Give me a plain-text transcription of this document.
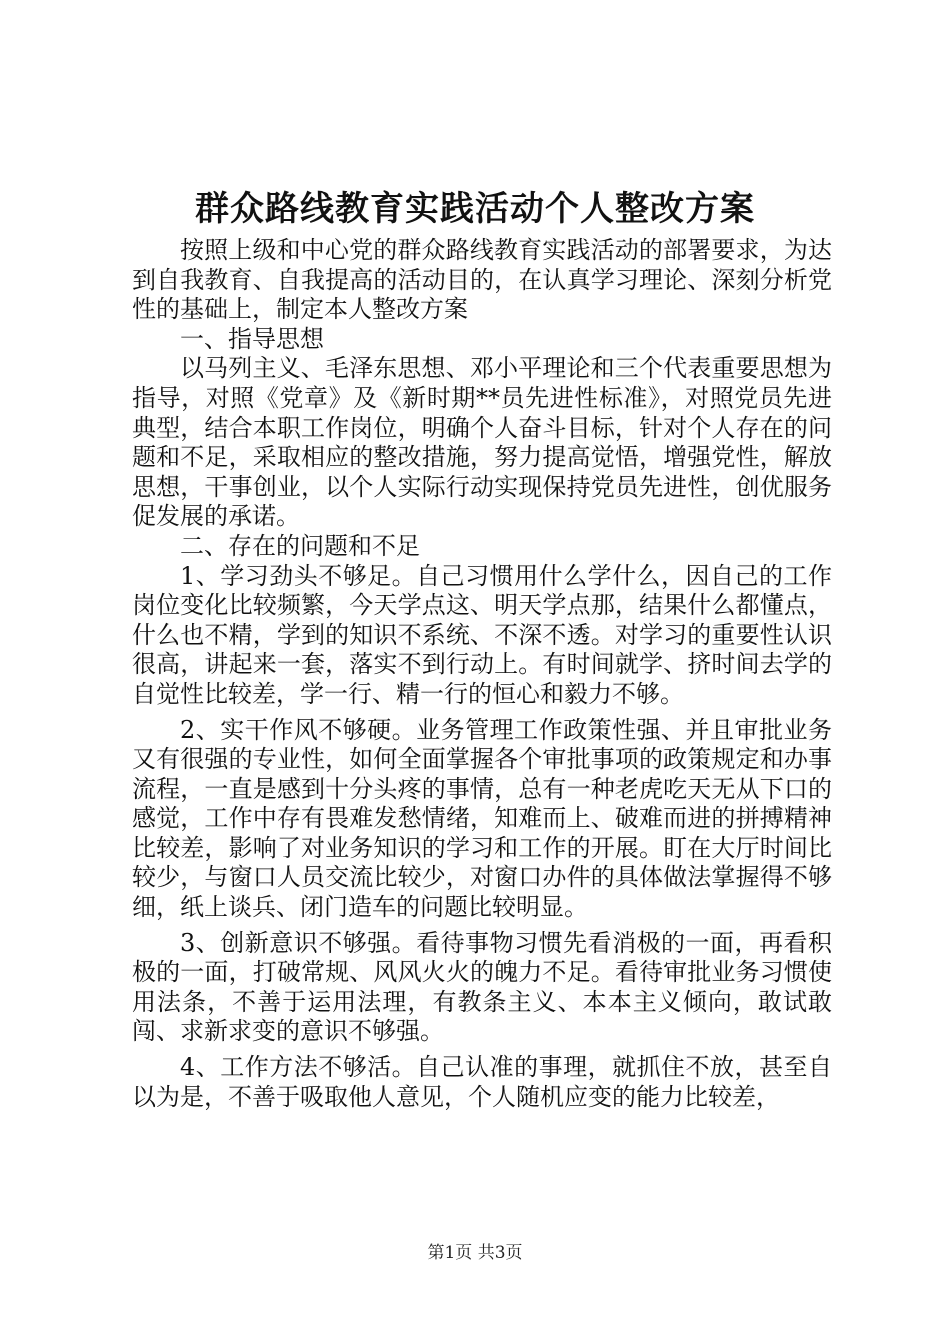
群众路线教育实践活动个人整改方案

按照上级和中心党的群众路线教育实践活动的部署要求，为达到自我教育、自我提高的活动目的，在认真学习理论、深刻分析党性的基础上，制定本人整改方案

一、指导思想

以马列主义、毛泽东思想、邓小平理论和三个代表重要思想为指导，对照《党章》及《新时期**员先进性标准》，对照党员先进典型，结合本职工作岗位，明确个人奋斗目标，针对个人存在的问题和不足，采取相应的整改措施，努力提高觉悟，增强党性，解放思想，干事创业，以个人实际行动实现保持党员先进性，创优服务促发展的承诺。

二、存在的问题和不足

1、学习劲头不够足。自己习惯用什么学什么，因自己的工作岗位变化比较频繁，今天学点这、明天学点那，结果什么都懂点，什么也不精，学到的知识不系统、不深不透。对学习的重要性认识很高，讲起来一套，落实不到行动上。有时间就学、挤时间去学的自觉性比较差，学一行、精一行的恒心和毅力不够。

2、实干作风不够硬。业务管理工作政策性强、并且审批业务又有很强的专业性，如何全面掌握各个审批事项的政策规定和办事流程，一直是感到十分头疼的事情，总有一种老虎吃天无从下口的感觉，工作中存有畏难发愁情绪，知难而上、破难而进的拼搏精神比较差，影响了对业务知识的学习和工作的开展。盯在大厅时间比较少，与窗口人员交流比较少，对窗口办件的具体做法掌握得不够细，纸上谈兵、闭门造车的问题比较明显。

3、创新意识不够强。看待事物习惯先看消极的一面，再看积极的一面，打破常规、风风火火的魄力不足。看待审批业务习惯使用法条，不善于运用法理，有教条主义、本本主义倾向，敢试敢闯、求新求变的意识不够强。

4、工作方法不够活。自己认准的事理，就抓住不放，甚至自以为是，不善于吸取他人意见，个人随机应变的能力比较差，

第1页 共3页
